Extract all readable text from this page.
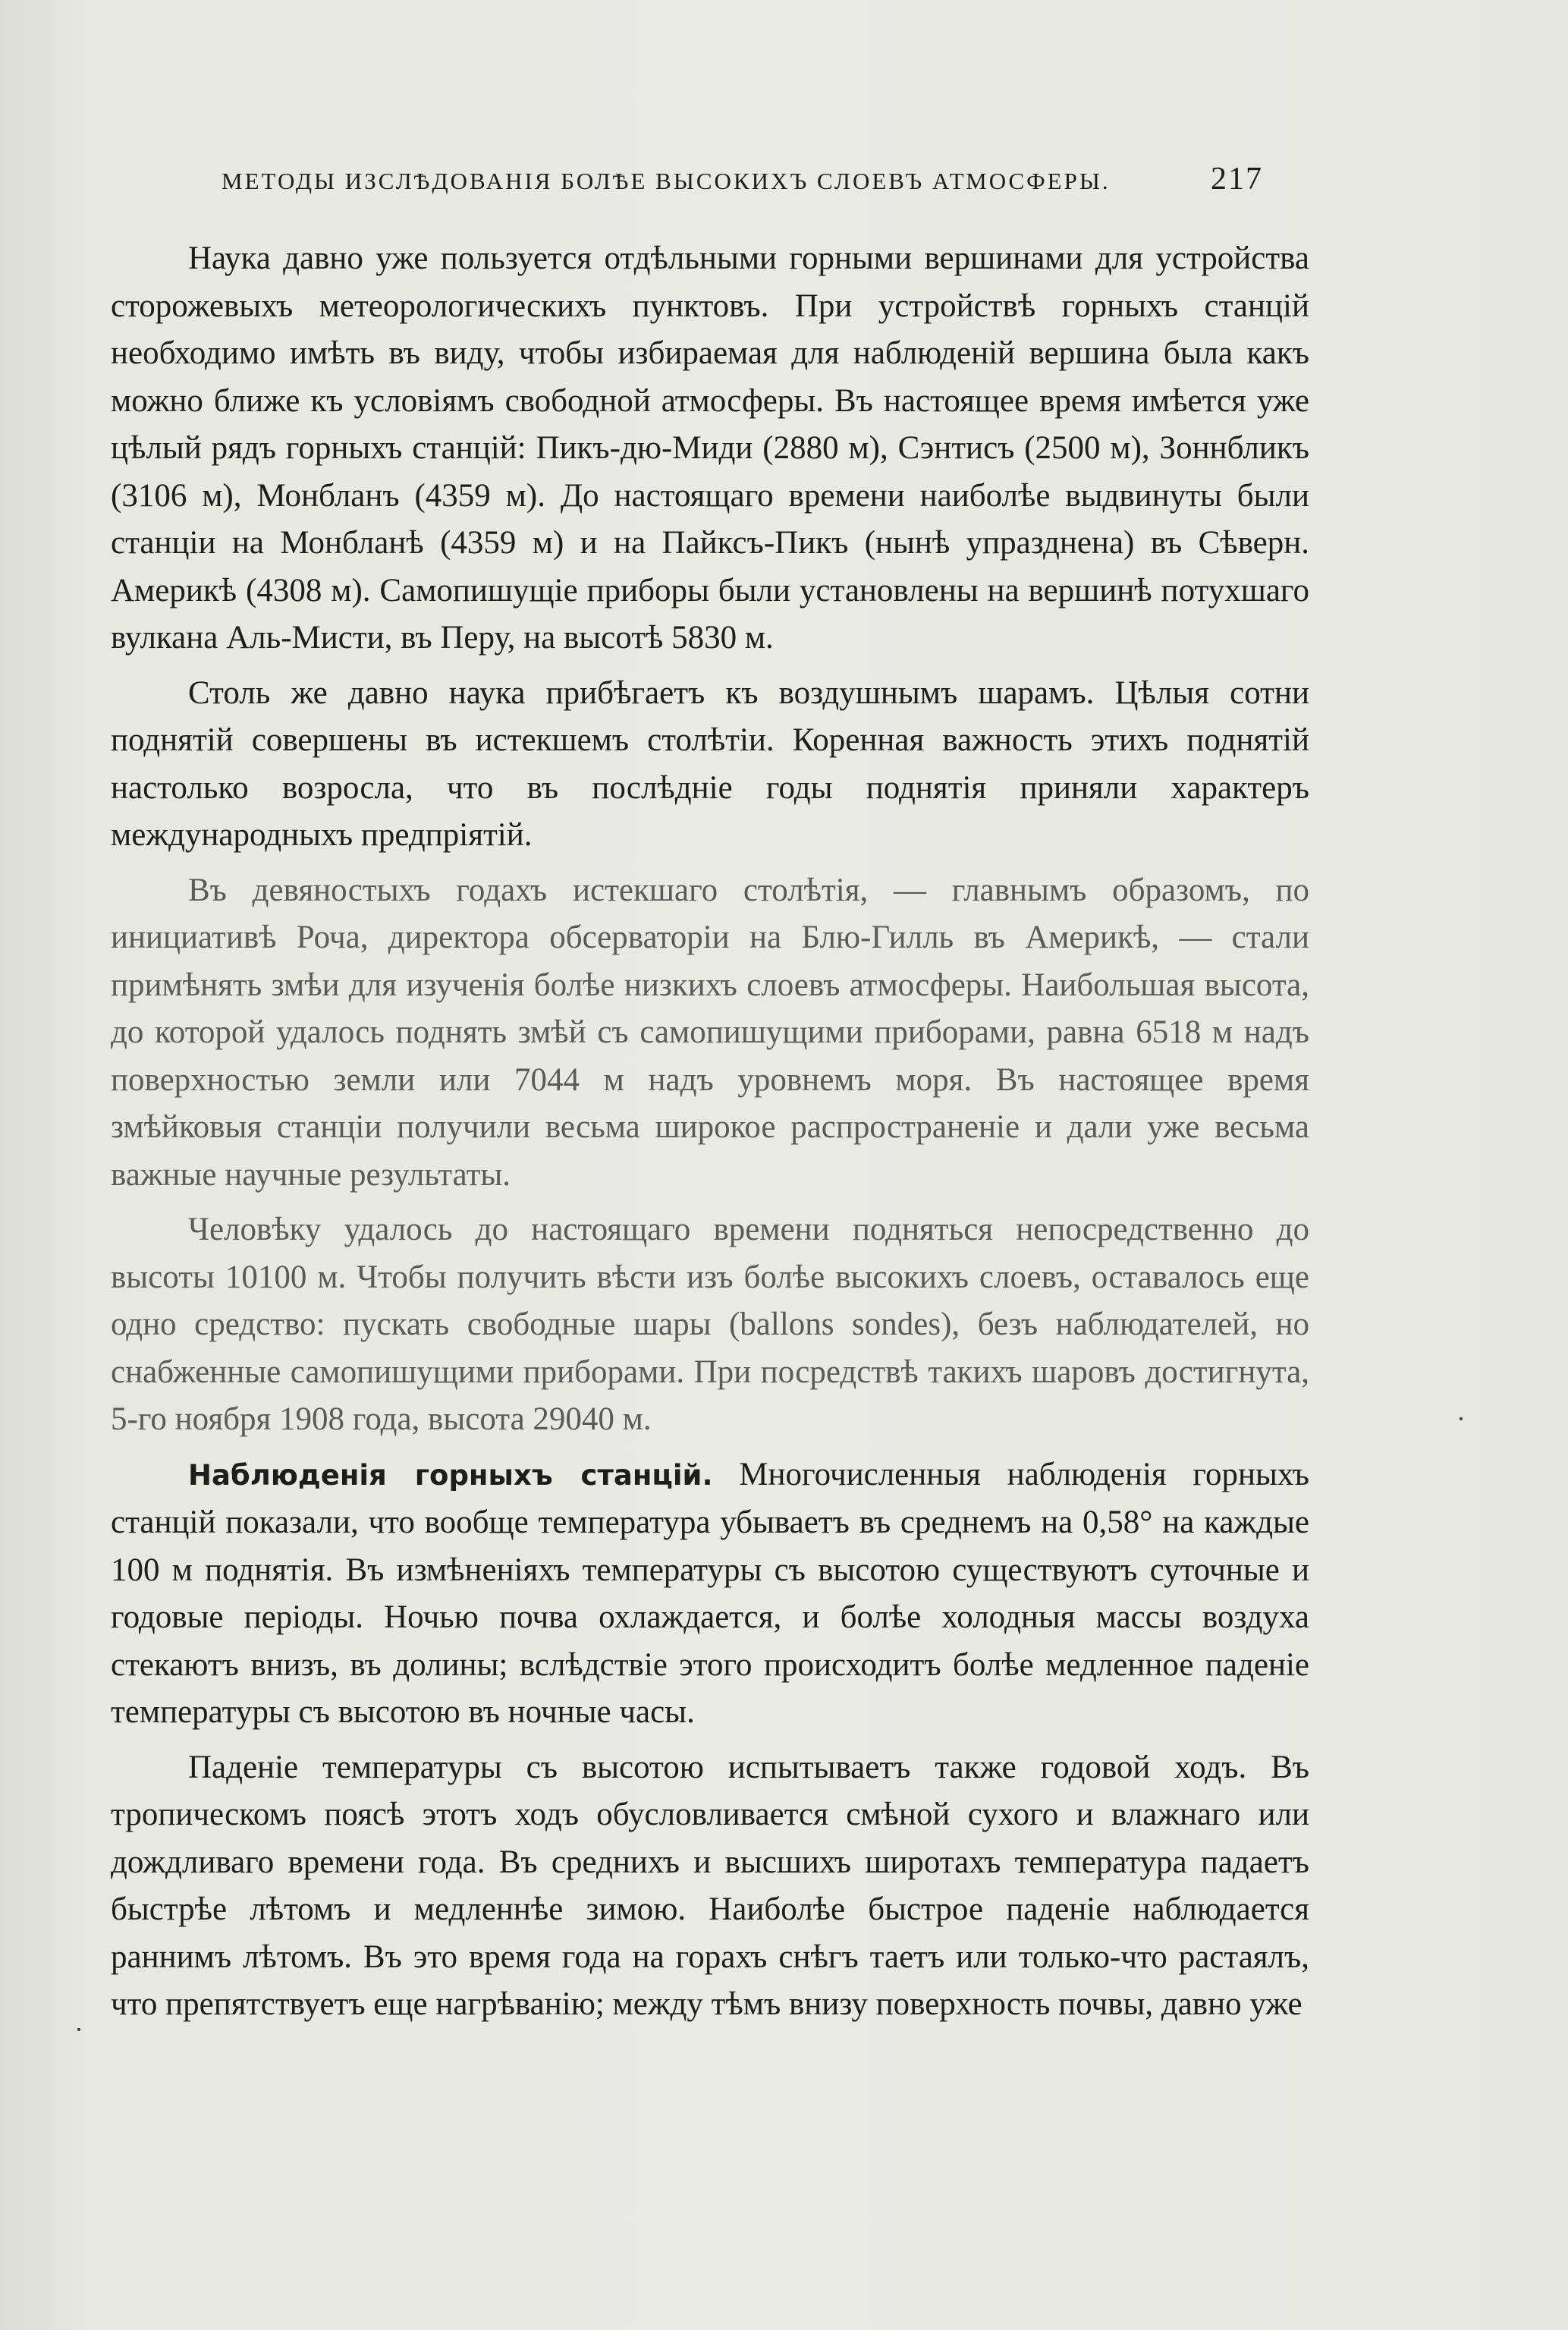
МЕТОДЫ ИЗСЛѢДОВАНІЯ БОЛѢЕ ВЫСОКИХЪ СЛОЕВЪ АТМОСФЕРЫ.	217

Наука давно уже пользуется отдѣльными горными вершинами для устройства сторожевыхъ метеорологическихъ пунктовъ. При устройствѣ горныхъ станцій необходимо имѣть въ виду, чтобы избираемая для наблюденій вершина была какъ можно ближе къ условіямъ свободной атмосферы. Въ настоящее время имѣется уже цѣлый рядъ горныхъ станцій: Пикъ-дю-Миди (2880 м), Сэнтисъ (2500 м), Зоннбликъ (3106 м), Монбланъ (4359 м). До настоящаго времени наиболѣе выдвинуты были станціи на Монбланѣ (4359 м) и на Пайксъ-Пикъ (нынѣ упразднена) въ Сѣверн. Америкѣ (4308 м). Самопишущіе приборы были установлены на вершинѣ потухшаго вулкана Аль-Мисти, въ Перу, на высотѣ 5830 м.

Столь же давно наука прибѣгаетъ къ воздушнымъ шарамъ. Цѣлыя сотни поднятій совершены въ истекшемъ столѣтіи. Коренная важность этихъ поднятій настолько возросла, что въ послѣдніе годы поднятія приняли характеръ международныхъ предпріятій.

Въ девяностыхъ годахъ истекшаго столѣтія, — главнымъ образомъ, по инициативѣ Роча, директора обсерваторіи на Блю-Гилль въ Америкѣ, — стали примѣнять змѣи для изученія болѣе низкихъ слоевъ атмосферы. Наибольшая высота, до которой удалось поднять змѣй съ самопишущими приборами, равна 6518 м надъ поверхностью земли или 7044 м надъ уровнемъ моря. Въ настоящее время змѣйковыя станціи получили весьма широкое распространеніе и дали уже весьма важные научные результаты.

Человѣку удалось до настоящаго времени подняться непосредственно до высоты 10100 м. Чтобы получить вѣсти изъ болѣе высокихъ слоевъ, оставалось еще одно средство: пускать свободные шары (ballons sondes), безъ наблюдателей, но снабженные самопишущими приборами. При посредствѣ такихъ шаровъ достигнута, 5-го ноября 1908 года, высота 29040 м.

Наблюденія горныхъ станцій. Многочисленныя наблюденія горныхъ станцій показали, что вообще температура убываетъ въ среднемъ на 0,58° на каждые 100 м поднятія. Въ измѣненіяхъ температуры съ высотою существуютъ суточные и годовые періоды. Ночью почва охлаждается, и болѣе холодныя массы воздуха стекаютъ внизъ, въ долины; вслѣдствіе этого происходитъ болѣе медленное паденіе температуры съ высотою въ ночные часы.

Паденіе температуры съ высотою испытываетъ также годовой ходъ. Въ тропическомъ поясѣ этотъ ходъ обусловливается смѣной сухого и влажнаго или дождливаго времени года. Въ среднихъ и высшихъ широтахъ температура падаетъ быстрѣе лѣтомъ и медленнѣе зимою. Наиболѣе быстрое паденіе наблюдается раннимъ лѣтомъ. Въ это время года на горахъ снѣгъ таетъ или только-что растаялъ, что препятствуетъ еще нагрѣванію; между тѣмъ внизу поверхность почвы, давно уже
